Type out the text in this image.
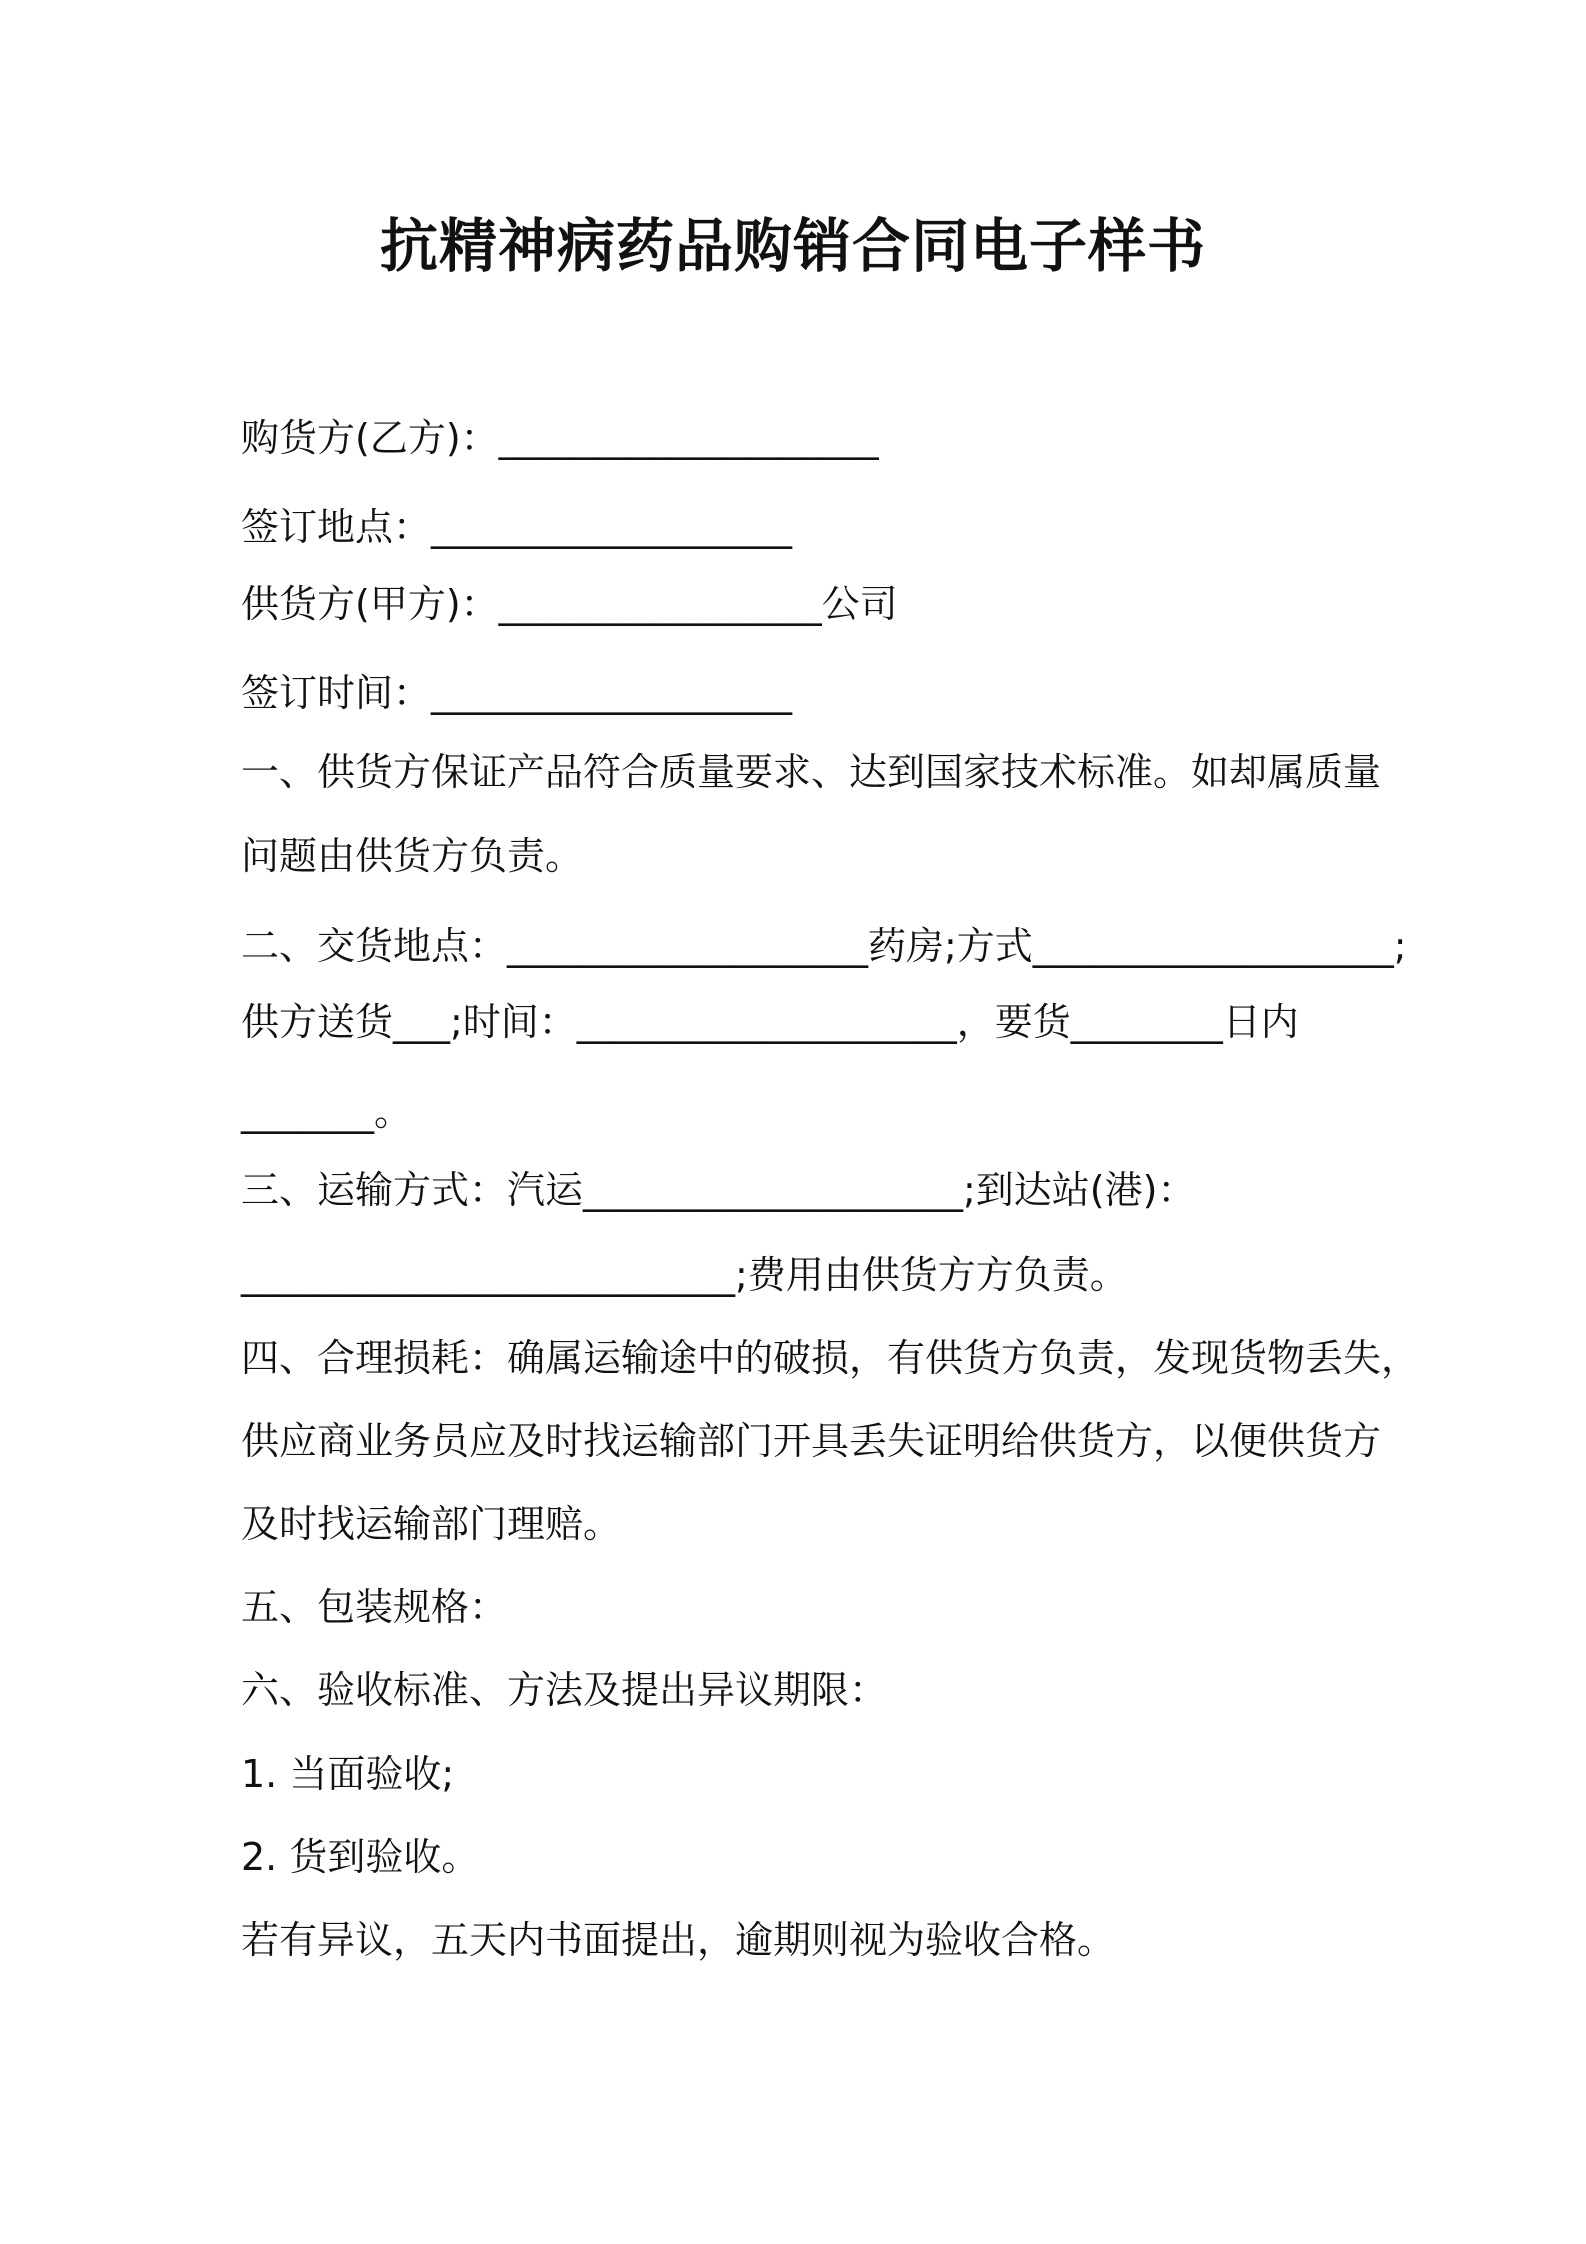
抗精神病药品购销合同电子样书
购货方(乙方)：____________________
签订地点：___________________
供货方(甲方)：_________________公司
签订时间：___________________
一、供货方保证产品符合质量要求、达到国家技术标准。如却属质量
问题由供货方负责。
二、交货地点：___________________药房;方式___________________;
供方送货___;时间：____________________，要货________日内
_______。
三、运输方式：汽运____________________;到达站(港)：
__________________________;费用由供货方方负责。
四、合理损耗：确属运输途中的破损，有供货方负责，发现货物丢失，
供应商业务员应及时找运输部门开具丢失证明给供货方，以便供货方
及时找运输部门理赔。
五、包装规格：
六、验收标准、方法及提出异议期限：
1. 当面验收;
2. 货到验收。
若有异议，五天内书面提出，逾期则视为验收合格。
